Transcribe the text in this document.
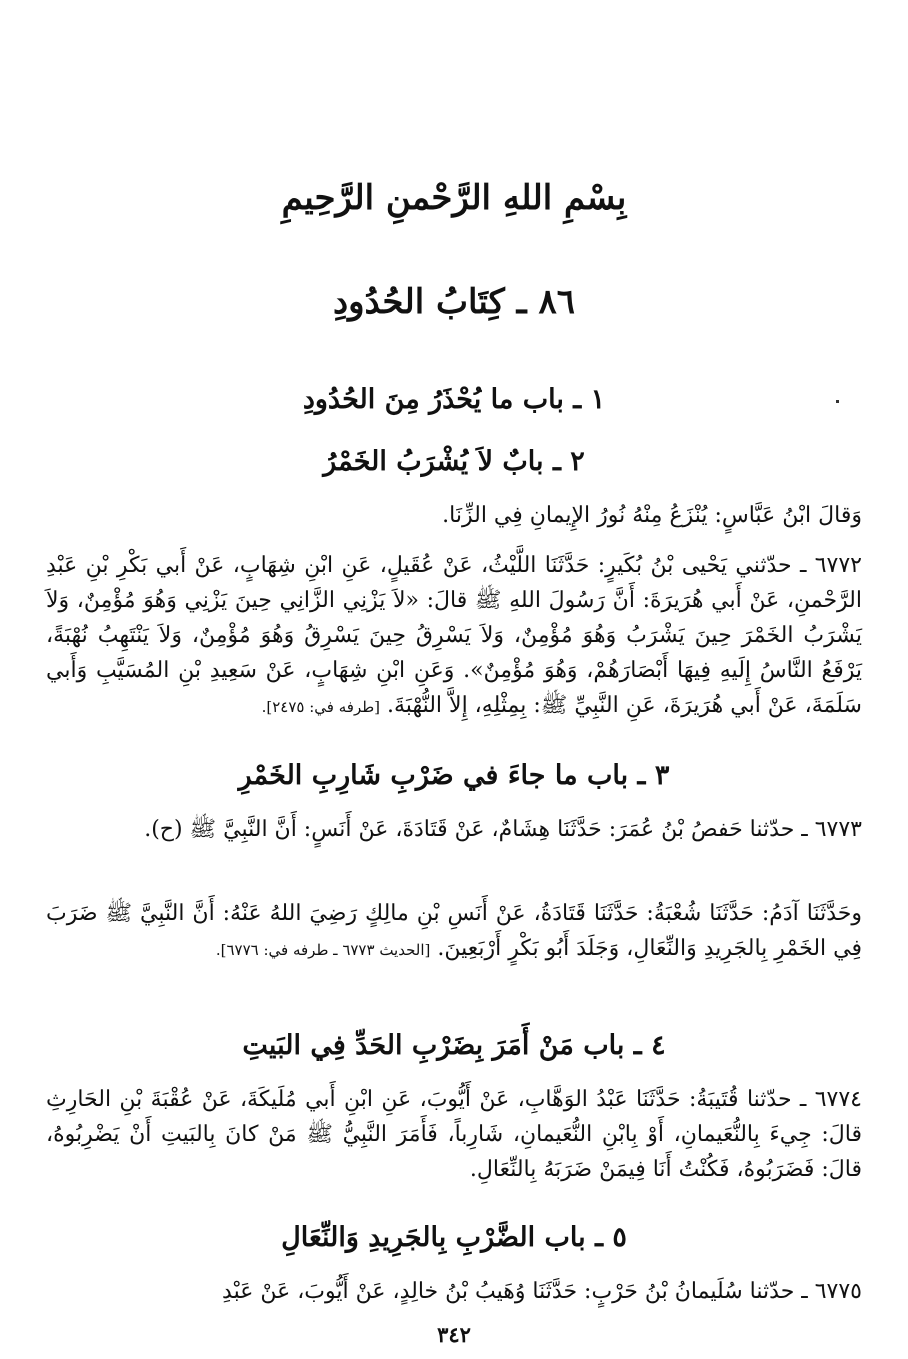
بِسْمِ اللهِ الرَّحْمنِ الرَّحِيمِ
٨٦ ـ كِتَابُ الحُدُودِ
١ ـ باب ما يُحْذَرُ مِنَ الحُدُودِ
٢ ـ بابٌ لاَ يُشْرَبُ الخَمْرُ
وَقالَ ابْنُ عَبَّاسٍ: يُنْزَعُ مِنْهُ نُورُ الإِيمانِ فِي الزِّنَا.
٦٧٧٢ ـ حدّثني يَحْيى بْنُ بُكَيرٍ: حَدَّثَنَا اللَّيْثُ، عَنْ عُقَيلٍ، عَنِ ابْنِ شِهَابٍ، عَنْ أَبي بَكْرِ بْنِ عَبْدِ الرَّحْمنِ، عَنْ أَبي هُرَيرَةَ: أَنَّ رَسُولَ اللهِ ﷺ قالَ: «لاَ يَزْنِي الزَّانِي حِينَ يَزْنِي وَهُوَ مُؤْمِنٌ، وَلاَ يَشْرَبُ الخَمْرَ حِينَ يَشْرَبُ وَهُوَ مُؤْمِنٌ، وَلاَ يَسْرِقُ حِينَ يَسْرِقُ وَهُوَ مُؤْمِنٌ، وَلاَ يَنْتَهِبُ نُهْبَةً، يَرْفَعُ النَّاسُ إِلَيهِ فِيهَا أَبْصَارَهُمْ، وَهُوَ مُؤْمِنٌ». وَعَنِ ابْنِ شِهَابٍ، عَنْ سَعِيدِ بْنِ المُسَيَّبِ وَأَبي سَلَمَةَ، عَنْ أَبي هُرَيرَةَ، عَنِ النَّبِيِّ ﷺ: بِمِثْلِهِ، إِلاَّ النُّهْبَةَ. [طرفه في: ٢٤٧٥].
٣ ـ باب ما جاءَ في ضَرْبِ شَارِبِ الخَمْرِ
٦٧٧٣ ـ حدّثنا حَفصُ بْنُ عُمَرَ: حَدَّثَنَا هِشَامٌ، عَنْ قَتَادَةَ، عَنْ أَنَسٍ: أَنَّ النَّبِيَّ ﷺ (ح).
وحَدَّثَنَا آدَمُ: حَدَّثَنَا شُعْبَةُ: حَدَّثَنَا قَتَادَةُ، عَنْ أَنَسِ بْنِ مالِكٍ رَضِيَ اللهُ عَنْهُ: أَنَّ النَّبِيَّ ﷺ ضَرَبَ فِي الخَمْرِ بِالجَرِيدِ وَالنِّعَالِ، وَجَلَدَ أَبُو بَكْرٍ أَرْبَعِينَ. [الحديث ٦٧٧٣ ـ طرفه في: ٦٧٧٦].
٤ ـ باب مَنْ أَمَرَ بِضَرْبِ الحَدِّ فِي البَيتِ
٦٧٧٤ ـ حدّثنا قُتَيبَةُ: حَدَّثَنَا عَبْدُ الوَهَّابِ، عَنْ أَيُّوبَ، عَنِ ابْنِ أَبي مُلَيكَةَ، عَنْ عُقْبَةَ بْنِ الحَارِثِ قالَ: جِيءَ بِالنُّعَيمانِ، أَوْ بِابْنِ النُّعَيمانِ، شَارِباً، فَأَمَرَ النَّبِيُّ ﷺ مَنْ كانَ بِالبَيتِ أَنْ يَضْرِبُوهُ، قالَ: فَضَرَبُوهُ، فَكُنْتُ أَنَا فِيمَنْ ضَرَبَهُ بِالنِّعَالِ.
٥ ـ باب الضَّرْبِ بِالجَرِيدِ وَالنِّعَالِ
٦٧٧٥ ـ حدّثنا سُلَيمانُ بْنُ حَرْبٍ: حَدَّثَنَا وُهَيبُ بْنُ خالِدٍ، عَنْ أَيُّوبَ، عَنْ عَبْدِ
٣٤٢
